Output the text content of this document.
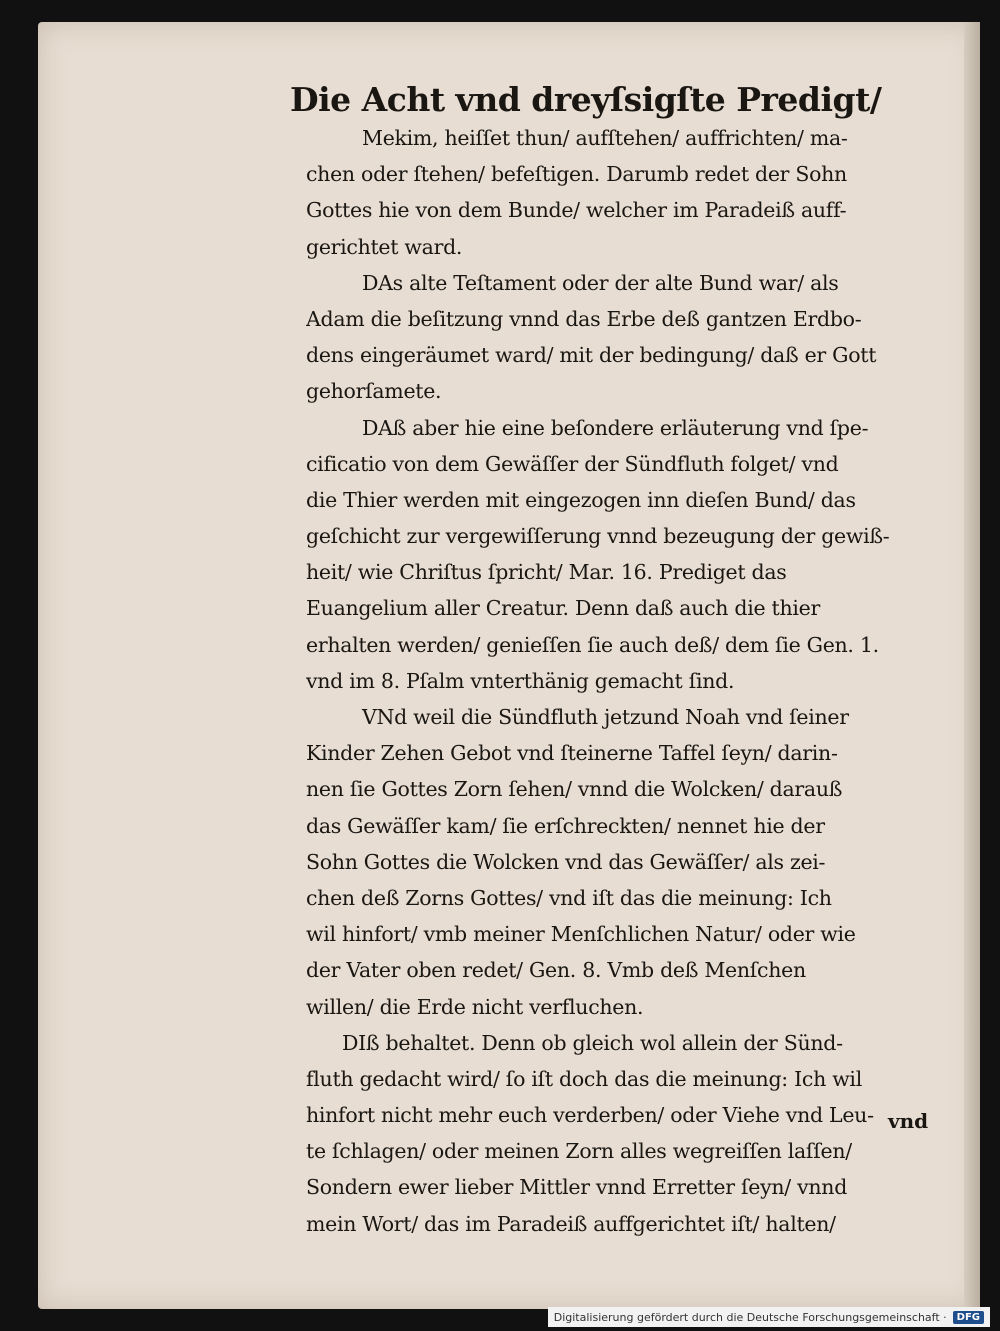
Die Acht vnd dreyſsigſte Predigt/
Mekim, heiſſet thun/ aufſtehen/ auffrichten/ ma-
chen oder ſtehen/ befeſtigen. Darumb redet der Sohn
Gottes hie von dem Bunde/ welcher im Paradeiß auff-
gerichtet ward.
DAs alte Teſtament oder der alte Bund war/ als
Adam die beſitzung vnnd das Erbe deß gantzen Erdbo-
dens eingeräumet ward/ mit der bedingung/ daß er Gott
gehorſamete.
DAß aber hie eine beſondere erläuterung vnd ſpe-
cificatio von dem Gewäſſer der Sündfluth folget/ vnd
die Thier werden mit eingezogen inn dieſen Bund/ das
geſchicht zur vergewiſſerung vnnd bezeugung der gewiß-
heit/ wie Chriſtus ſpricht/ Mar. 16. Prediget das
Euangelium aller Creatur. Denn daß auch die thier
erhalten werden/ genieſſen ſie auch deß/ dem ſie Gen. 1.
vnd im 8. Pſalm vnterthänig gemacht ſind.
VNd weil die Sündfluth jetzund Noah vnd ſeiner
Kinder Zehen Gebot vnd ſteinerne Taffel ſeyn/ darin-
nen ſie Gottes Zorn ſehen/ vnnd die Wolcken/ darauß
das Gewäſſer kam/ ſie erſchreckten/ nennet hie der
Sohn Gottes die Wolcken vnd das Gewäſſer/ als zei-
chen deß Zorns Gottes/ vnd iſt das die meinung: Ich
wil hinfort/ vmb meiner Menſchlichen Natur/ oder wie
der Vater oben redet/ Gen. 8. Vmb deß Menſchen
willen/ die Erde nicht verfluchen.
DIß behaltet. Denn ob gleich wol allein der Sünd-
fluth gedacht wird/ ſo iſt doch das die meinung: Ich wil
hinfort nicht mehr euch verderben/ oder Viehe vnd Leu-
te ſchlagen/ oder meinen Zorn alles wegreiſſen laſſen/
Sondern ewer lieber Mittler vnnd Erretter ſeyn/ vnnd
mein Wort/ das im Paradeiß auffgerichtet iſt/ halten/
vnd
Digitalisierung gefördert durch die Deutsche Forschungsgemeinschaft ·	DFG
